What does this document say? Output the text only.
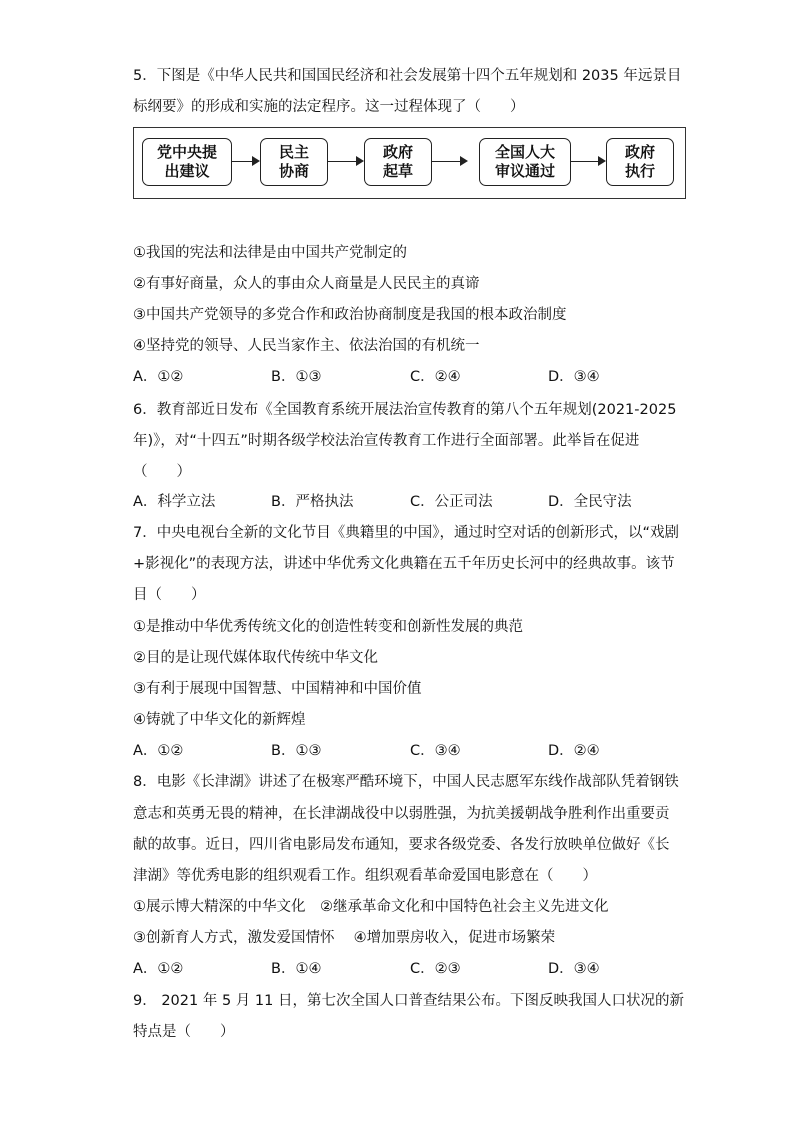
5．下图是《中华人民共和国国民经济和社会发展第十四个五年规划和 2035 年远景目
标纲要》的形成和实施的法定程序。这一过程体现了（　　）
党中央提
出建议
民主
协商
政府
起草
全国人大
审议通过
政府
执行
①我国的宪法和法律是由中国共产党制定的
②有事好商量，众人的事由众人商量是人民民主的真谛
③中国共产党领导的多党合作和政治协商制度是我国的根本政治制度
④坚持党的领导、人民当家作主、依法治国的有机统一
A．①②	B．①③	C．②④	D．③④
6．教育部近日发布《全国教育系统开展法治宣传教育的第八个五年规划(2021-2025
年)》，对“十四五”时期各级学校法治宣传教育工作进行全面部署。此举旨在促进
（　　）
A．科学立法	B．严格执法	C．公正司法	D．全民守法
7．中央电视台全新的文化节目《典籍里的中国》，通过时空对话的创新形式，以“戏剧
+影视化”的表现方法，讲述中华优秀文化典籍在五千年历史长河中的经典故事。该节
目（　　）
①是推动中华优秀传统文化的创造性转变和创新性发展的典范
②目的是让现代媒体取代传统中华文化
③有利于展现中国智慧、中国精神和中国价值
④铸就了中华文化的新辉煌
A．①②	B．①③	C．③④	D．②④
8．电影《长津湖》讲述了在极寒严酷环境下，中国人民志愿军东线作战部队凭着钢铁
意志和英勇无畏的精神，在长津湖战役中以弱胜强，为抗美援朝战争胜利作出重要贡
献的故事。近日，四川省电影局发布通知，要求各级党委、各发行放映单位做好《长
津湖》等优秀电影的组织观看工作。组织观看革命爱国电影意在（　　）
①展示博大精深的中华文化　②继承革命文化和中国特色社会主义先进文化
③创新育人方式，激发爱国情怀　 ④增加票房收入，促进市场繁荣
A．①②	B．①④	C．②③	D．③④
9． 2021 年 5 月 11 日，第七次全国人口普查结果公布。下图反映我国人口状况的新
特点是（　　）
